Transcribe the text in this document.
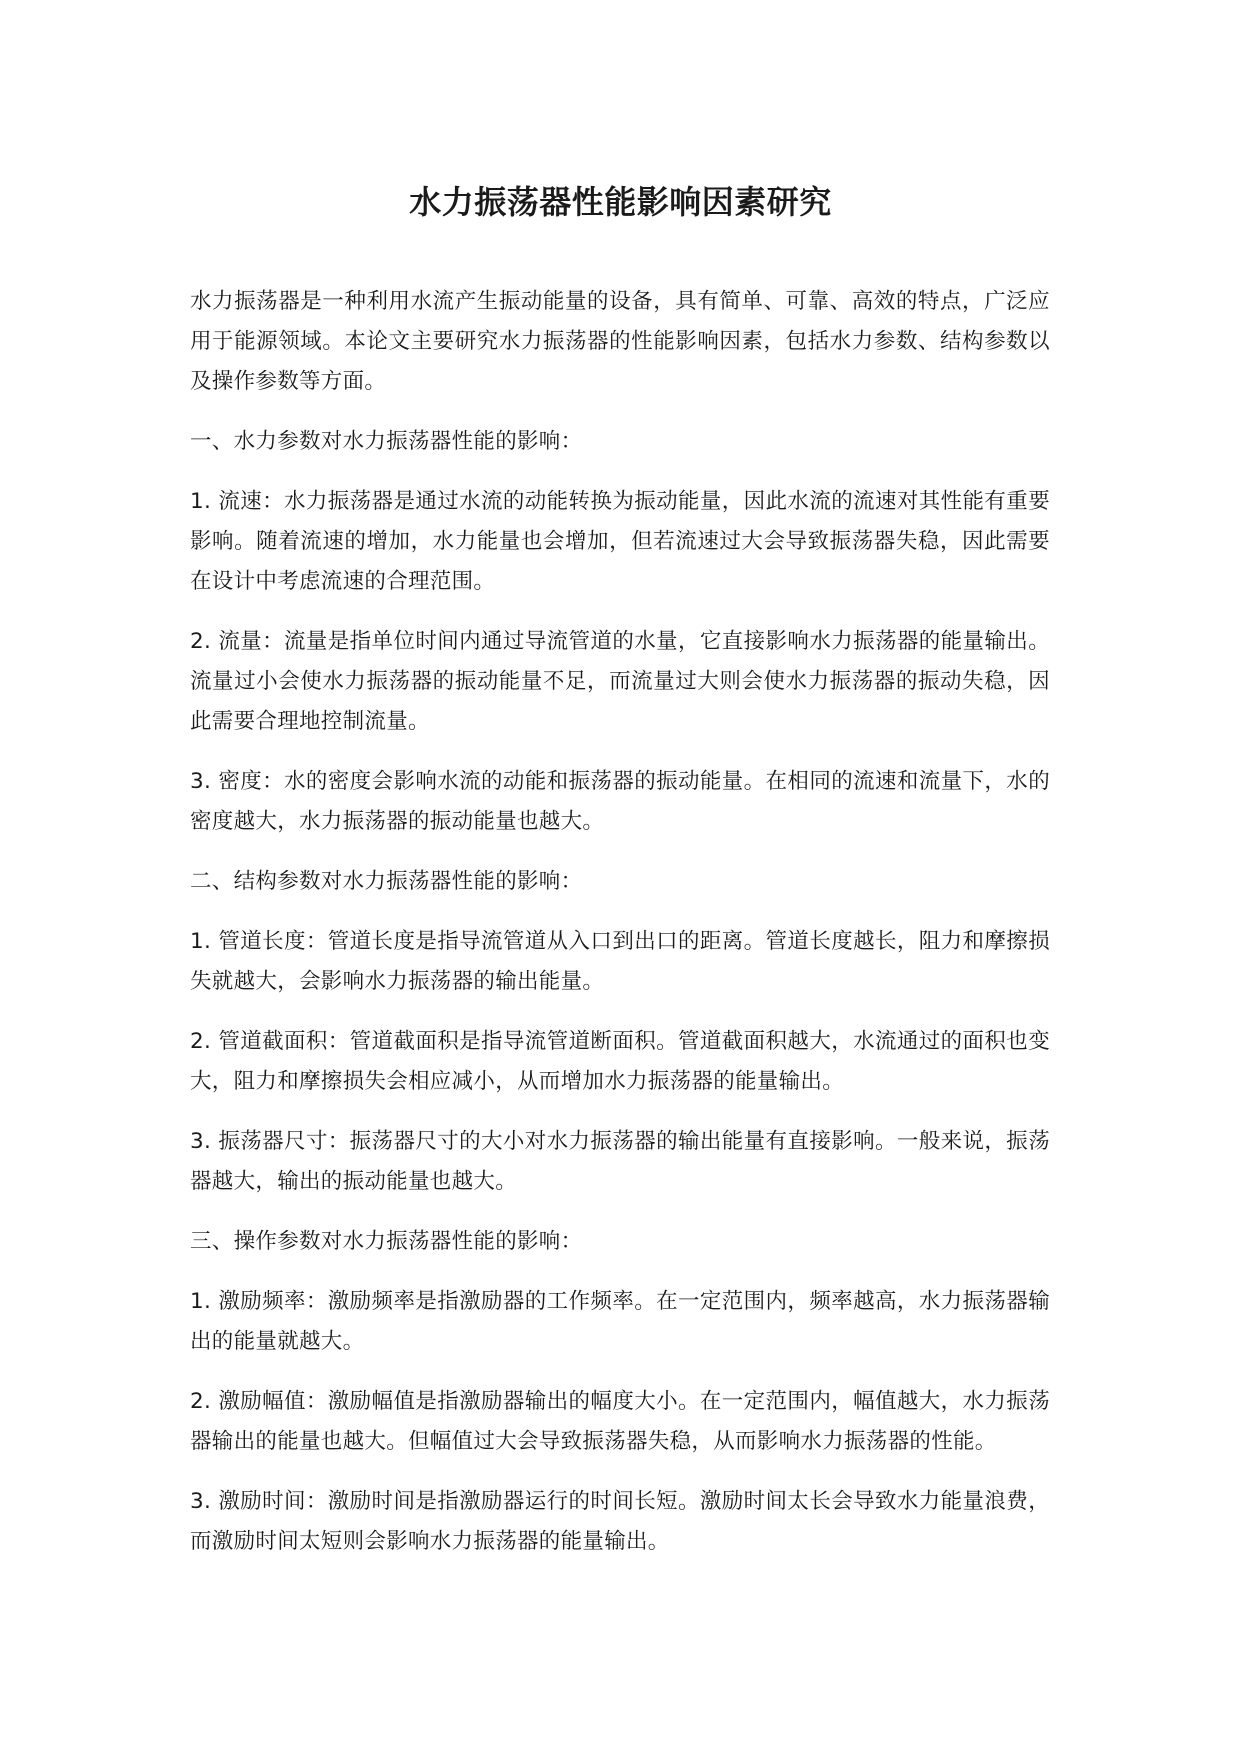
水力振荡器性能影响因素研究

水力振荡器是一种利用水流产生振动能量的设备，具有简单、可靠、高效的特点，广泛应用于能源领域。本论文主要研究水力振荡器的性能影响因素，包括水力参数、结构参数以及操作参数等方面。

一、水力参数对水力振荡器性能的影响：

1. 流速：水力振荡器是通过水流的动能转换为振动能量，因此水流的流速对其性能有重要影响。随着流速的增加，水力能量也会增加，但若流速过大会导致振荡器失稳，因此需要在设计中考虑流速的合理范围。

2. 流量：流量是指单位时间内通过导流管道的水量，它直接影响水力振荡器的能量输出。流量过小会使水力振荡器的振动能量不足，而流量过大则会使水力振荡器的振动失稳，因此需要合理地控制流量。

3. 密度：水的密度会影响水流的动能和振荡器的振动能量。在相同的流速和流量下，水的密度越大，水力振荡器的振动能量也越大。

二、结构参数对水力振荡器性能的影响：

1. 管道长度：管道长度是指导流管道从入口到出口的距离。管道长度越长，阻力和摩擦损失就越大，会影响水力振荡器的输出能量。

2. 管道截面积：管道截面积是指导流管道断面积。管道截面积越大，水流通过的面积也变大，阻力和摩擦损失会相应减小，从而增加水力振荡器的能量输出。

3. 振荡器尺寸：振荡器尺寸的大小对水力振荡器的输出能量有直接影响。一般来说，振荡器越大，输出的振动能量也越大。

三、操作参数对水力振荡器性能的影响：

1. 激励频率：激励频率是指激励器的工作频率。在一定范围内，频率越高，水力振荡器输出的能量就越大。

2. 激励幅值：激励幅值是指激励器输出的幅度大小。在一定范围内，幅值越大，水力振荡器输出的能量也越大。但幅值过大会导致振荡器失稳，从而影响水力振荡器的性能。

3. 激励时间：激励时间是指激励器运行的时间长短。激励时间太长会导致水力能量浪费，而激励时间太短则会影响水力振荡器的能量输出。
